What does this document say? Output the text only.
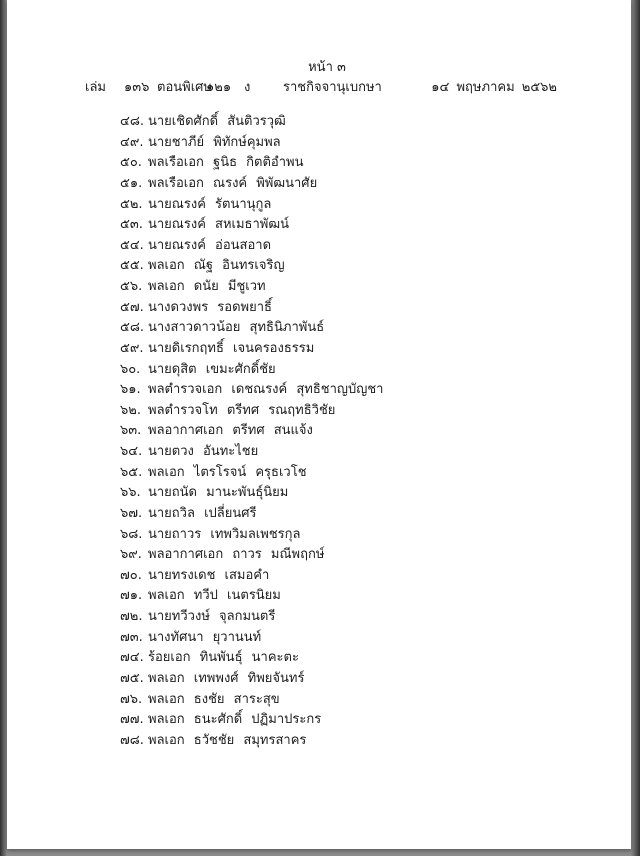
หน้า ๓
เล่ม ๑๓๖ ตอนพิเศษ
๑๒๑ ง	ราชกิจจานุเบกษา	๑๔ พฤษภาคม ๒๕๖๒
๔๘. นายเชิดศักดิ์ สันติวรวุฒิ
๔๙. นายชาภีย์ พิทักษ์คุมพล
๕๐. พลเรือเอก ฐนิธ กิตติอำพน
๕๑. พลเรือเอก ณรงค์ พิพัฒนาศัย
๕๒. นายณรงค์ รัตนานุกูล
๕๓. นายณรงค์ สหเมธาพัฒน์
๕๔. นายณรงค์ อ่อนสอาด
๕๕. พลเอก ณัฐ อินทรเจริญ
๕๖. พลเอก ดนัย มีชูเวท
๕๗. นางดวงพร รอดพยาธิ์
๕๘. นางสาวดาวน้อย สุทธินิภาพันธ์
๕๙. นายดิเรกฤทธิ์ เจนครองธรรม
๖๐. นายดุสิต เขมะศักดิ์ชัย
๖๑. พลตำรวจเอก เดชณรงค์ สุทธิชาญบัญชา
๖๒. พลตำรวจโท ตรีทศ รณฤทธิวิชัย
๖๓. พลอากาศเอก ตรีทศ สนแจ้ง
๖๔. นายตวง อันทะไชย
๖๕. พลเอก ไตรโรจน์ ครุธเวโช
๖๖. นายถนัด มานะพันธุ์นิยม
๖๗. นายถวิล เปลี่ยนศรี
๖๘. นายถาวร เทพวิมลเพชรกุล
๖๙. พลอากาศเอก ถาวร มณีพฤกษ์
๗๐. นายทรงเดช เสมอคำ
๗๑. พลเอก ทวีป เนตรนิยม
๗๒. นายทวีวงษ์ จุลกมนตรี
๗๓. นางทัศนา ยุวานนท์
๗๔. ร้อยเอก ทินพันธุ์ นาคะตะ
๗๕. พลเอก เทพพงศ์ ทิพยจันทร์
๗๖. พลเอก ธงชัย สาระสุข
๗๗. พลเอก ธนะศักดิ์ ปฏิมาประกร
๗๘. พลเอก ธวัชชัย สมุทรสาคร
